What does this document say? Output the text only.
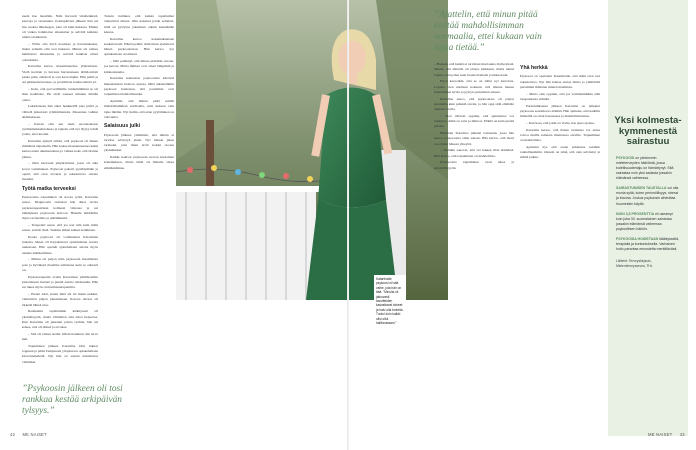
usein itse itsestään. Näin harvanti viisihenkistä, kaavoja ja ratasuunta. Koulupäivien jälkeen hän sai itse ruokaa läheisegen, joka oli kuin hukassa. Minun oli vaikea hahmottaa aikataulua ja selvittä kaikista niistä odotuksista.

– Yritin olla hyvä koulussa ja harrastuksissa, mutta samalla olin tosi hukassa. Minun oli vaikea hahmottaa aikataulua ja selvittä kaikista niistä odotuksista.

Katariina kertoo masentuneensa yläkoulussa. Vielä tuolloin ja lievasta harrastaneen täältä-tulistä paska juttu, alkoholi ja sosi kasvottajiin. Hän juttili ja asi pitäneensä kanssa, ja positiiviset koulua kiinni yö.

– Koin, että porvariillisille vanhemmilleni se oli ihan kauhistus. He eivät saaneet minuun mitään otetta.

Lukiolaisena hän alkoi henkkeillä joka päivä ja välttelä jatkuvasti ryhmätilanteita. Masennus vaihtui ahdistukseen.

– Kerran olin sen takia suoranaisessa syömismakkulatolussa ja tajusin, että nyt täytyy tehdä jotain, ettei kuolisi.

Katariina ajatteli silloin, että psykoosi oli hänen elämänsä taipaleella. Hän kokee masentuneensa kaksi kertaa ensin aikuisuudessa ja vaikka koki, että tilanne jatkuu.

– Olen kasvanut ympäristössä, jossa oli aika kovat vaatimukset. Psykoosi pakotti pysähtymään ja opetti, että olen arvokas ja rakastettava omana itsenäni.

Työtä matka terveeksi

Psykoosista toipuminen oli kovaa työtä, Katariina sanoo. Diagnoosin saatuaan hän alkoi tavata psykoterapeuttiaan kolmesti viikossa ja sai lääkityksen psykoosin hoitoon. Hänelle määrättiin myös ravitsemus ja unilääkkeitä.

– Terapeutti sanoi, että jos teet niin kuin minä sanon, selviät tästä. Tuntuin siihen kaiken kaikkiaan.

Koska psykoosi oli voimistanut Katariinan tunteita, hänen oli harjoiteltava ajattelemaan asioita uudestaan. Hän opetteli ajattelemaan asioita myös uusista näkökulmista.

– Minun oli paljon tulla psykoosin maailmasta pois ja hyväksyä maailma sellaisena kuin se oikeasti on.

Psykoterapeutin avulla Katariinan ymmärrettiin kadottaneen itsensä jo pieniä asioita tehdessään. Hän sai tukea myös ravitsemusterapeutilta.

– Pienet asiat, kuten mitä söi tai miten nukkui, vaikuttivat paljon jaksamiseen. Kotona ollessa oli tärkeää lähteä ulos.

Rauhaisiin tapahtumiin kääntyessä oli yksinäisyyttä, mutta vähitellen arki alkoi helpottaa. Kun Katariina oli jaksanut palata työhön, hän sai kokea, että oli tärkeä ja arvokas.

– Sitä oli vaikea sietää. Olisin halunnut olla terve heti.

Toipumisen jälkeen Katariina kävi lukion loppuun ja pääsi Tampereen yliopistoon opiskelemaan kasvatustiedettä. Nyt hän on saanut tutkintonsa valmiiksi.

Tunsin hulluksi, että kaikki tapahtumat vaikuttivat minua. Olin kokenut jotain sellaista, mitä en pystynyt jakamaan oikein kenenkään kanssa.

Katariina kertoo kokemuksistaan koskettavasti. Häntä pelätti, mitä muut ajattelevat hänen psykoosistaan. Hän kertoo nyt ajatuksistaan avoimesti.

– Olin pelännyt, että minua pidetään outona, jos kerron. Mutta ihmiset ovat olleet lämpimiä ja kiinnostuneita.

Katariina kannustaa psykoosista kärsiviä hakeutumaan hoitoon ajoissa. Mitä aikaisemmin psykoosi hoidetaan, sitä paremmat ovat toipumisen mahdollisuudet.

Ajattelin, että minun pitää esittää mahdollisimman normaalia, ettei kukaan vain tajua mitään. Nyt tiedän, että avun pyytäminen on vahvuutta.

Salaisuus julki

Psykoosin jälkeen ymmärsin, että minun ei tarvitse selviytyä yksin. Nyt haluan jakaa tarinaani, jotta muut eivät kokisi oloaan yksinäiseksi.

Kaikki kokivat psykoosin tuovan kuoleman kokemuksen, mutta tämä oli minulle oikea elämänkäänne.

Katariinalle psykoosi oli sitä vaihe, jota hän on tätä. ”Minulla oli jatkuvasti tavoitteiden kasvattavat toiveet ja halu olla tunteita. Tuntui kuin kaikki olisi ollut hallinnassani.”
”Psykoosin jälkeen oli tosi rankkaa kestää arkipäivän tylsyys.”

– Halusin, että hetkiä ei tarvinnut murtautua mylleryksiä. Mietin, että minulla oli yhteys kaikkeen, mutta tuntui lopulta, että pahat asiat luonnottomasti ja uhkaavasti.

Hyvä kasvoikin, että se on tullut nyt kerroista. Lopulta olen edelleen kokenut, että tilanne menee kohtuullisen hyvin ja pystyn palaamaan arkeen.

Katariina sanoo, että psykoosissa oli paljon enemmän kuin pelkkiä oireita, ja hän oppi siitä elämään uudella tavalla.

– Olen vihdoin oppinut, että ajatuksissa voi tunnistaa, mikä on totta ja mikä ei. Elämä on kuin pieniä palasia.

Hiljattain Katariina julkaisi romaanin, jossa hän kertoo psykoosista omin sanoin. Hän kertoo, että moni on ottanut häneen yhteyttä.

– Vieläkin sanovat, että vei kaiken tilan elämästä. Hän kertoo, että toipuminen on mahdollista.

Psykoosista toipuminen vaati aikaa ja kärsivällisyyttä.

Yhä herkkä

Psykoosi on opettanut Katariinalle, että minä olen tosi rakastettava. Nyt hän haluaa auttaa muita ja ymmärtää paremmin ihmisten mielen maailmaa.

– Mutta olen oppinut, että jos voimmeminkin elää tasapainoista elämää.

Parantumisensa jälkeen Katariina on jatkanut psykoosia seurailevaa elämää. Hän ajattelee, että kaikilla ihmisillä on omat haasteensa ja mahdollisuutensa.

– Kun koet, että jokin on vialla, hae apua ajoissa.

Katariina kertoo, että hänen tarinansa voi antaa toivoa muille samassa tilanteessa oleville. Toipuminen on mahdollista.

Ajattelen nyt, että osaan suhtautua asioihin rauhallisemmin. Onneni on siinä, että olen selvinnyt ja elämä jatkuu.

”Ajattelin, että minun pitää esittää mahdollisimman normaalia, ettei kukaan vain tajua tietää.”
Yksi kolmesta-kymmenestä sairastuu
PSYKOOSI on yleisimmin mieleterveyden häiriöistä, jossa todellisuudentaju on hämärtynyt. Sitä sairastaa noin yksi sadasta jossakin elämänsä vaiheessa.
SAIRASTUMISEN TAUSTALLA voi olla monia syitä, kuten perinnöllisyys, stressi ja trauma. Joskus psykoosin aiheuttaa huumeiden käyttö.
NOIN 3,5 PROSENTTIA eli useampi kuin joka 30. suomalainen sairastaa jossakin elämänsä vaiheessa psykoottisen häiriön.
PSYKOOSIA HOIDETAAN lääkityksellä, terapialla ja kuntoutuksella. Varhainen hoito parantaa ennustetta merkittävästi.
Lähteet: Terveyskirjasto, Mielenterveysseura, THL
42 ME NAISET	ME NAISET 43
